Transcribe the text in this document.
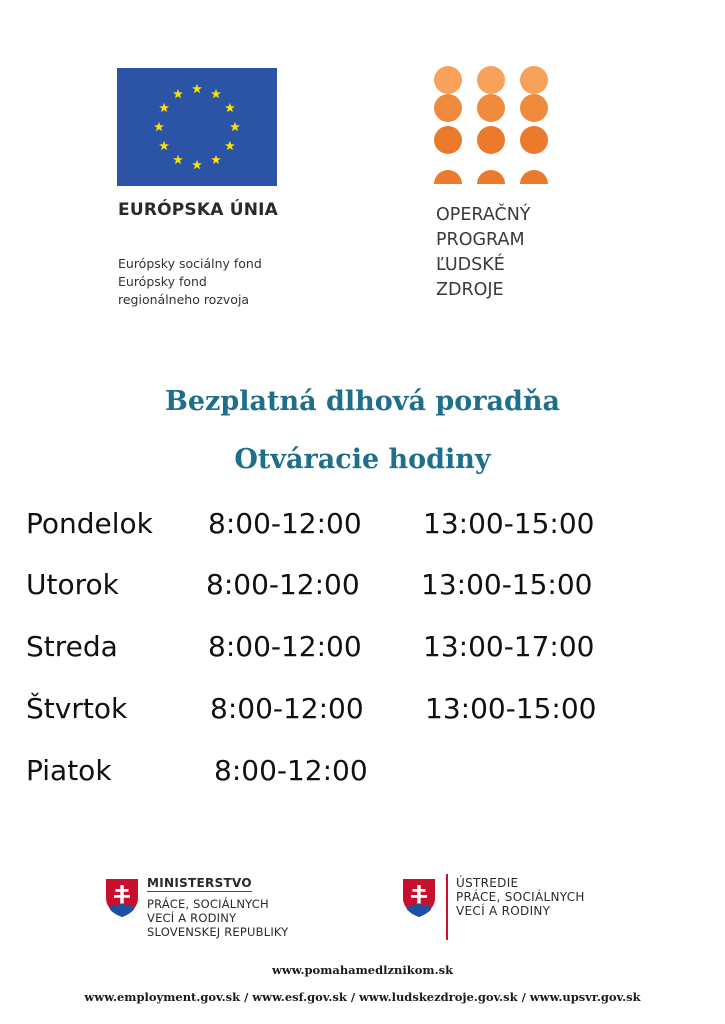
EURÓPSKA ÚNIA
Európsky sociálny fond
Európsky fond
regionálneho rozvoja
OPERAČNÝ
PROGRAM
ĽUDSKÉ
ZDROJE
Bezplatná dlhová poradňa
Otváracie hodiny
Pondelok 8:00-12:00 13:00-15:00
Utorok	8:00-12:00 13:00-15:00
Streda	8:00-12:00 13:00-17:00
Štvrtok	8:00-12:00 13:00-15:00
Piatok	8:00-12:00
MINISTERSTVO
PRÁCE, SOCIÁLNYCH
VECÍ A RODINY
SLOVENSKEJ REPUBLIKY
ÚSTREDIE
PRÁCE, SOCIÁLNYCH
VECÍ A RODINY
www.pomahamedlznikom.sk
www.employment.gov.sk / www.esf.gov.sk / www.ludskezdroje.gov.sk / www.upsvr.gov.sk
